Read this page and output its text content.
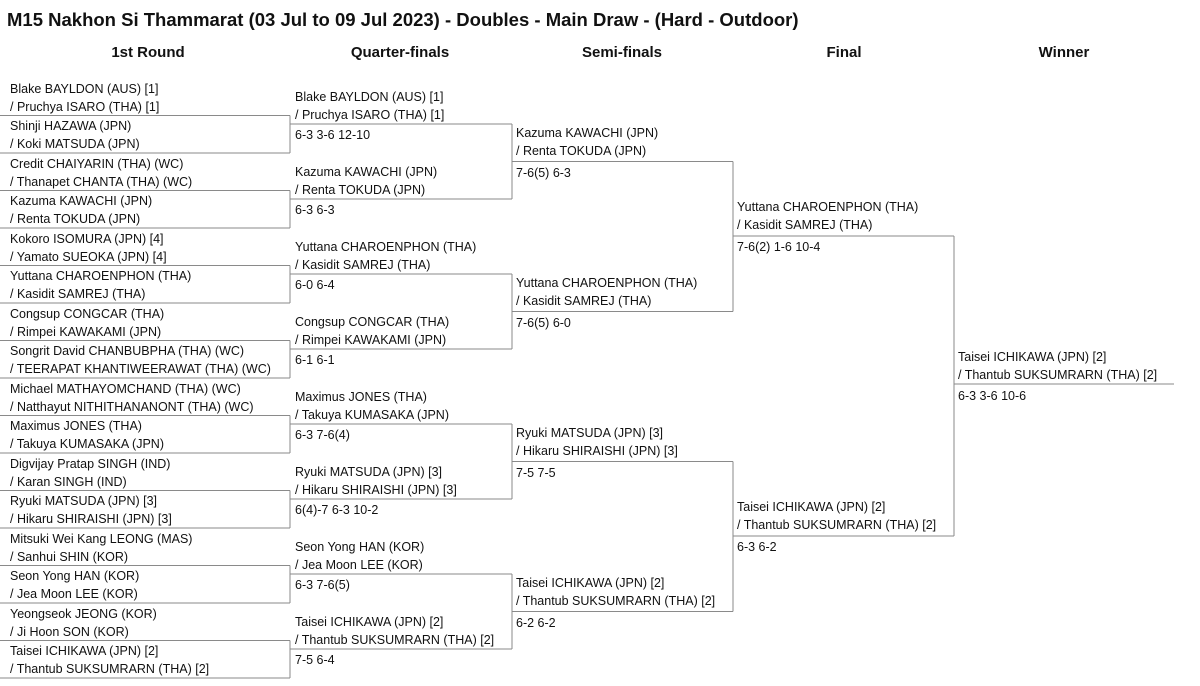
M15 Nakhon Si Thammarat (03 Jul to 09 Jul 2023) - Doubles - Main Draw - (Hard - Outdoor)
1st Round	Quarter-finals	Semi-finals	Final	Winner
Blake BAYLDON (AUS) [1]
/ Pruchya ISARO (THA) [1]
Shinji HAZAWA (JPN)
/ Koki MATSUDA (JPN)
Credit CHAIYARIN (THA) (WC)
/ Thanapet CHANTA (THA) (WC)
Kazuma KAWACHI (JPN)
/ Renta TOKUDA (JPN)
Kokoro ISOMURA (JPN) [4]
/ Yamato SUEOKA (JPN) [4]
Yuttana CHAROENPHON (THA)
/ Kasidit SAMREJ (THA)
Congsup CONGCAR (THA)
/ Rimpei KAWAKAMI (JPN)
Songrit David CHANBUBPHA (THA) (WC)
/ TEERAPAT KHANTIWEERAWAT (THA) (WC)
Michael MATHAYOMCHAND (THA) (WC)
/ Natthayut NITHITHANANONT (THA) (WC)
Maximus JONES (THA)
/ Takuya KUMASAKA (JPN)
Digvijay Pratap SINGH (IND)
/ Karan SINGH (IND)
Ryuki MATSUDA (JPN) [3]
/ Hikaru SHIRAISHI (JPN) [3]
Mitsuki Wei Kang LEONG (MAS)
/ Sanhui SHIN (KOR)
Seon Yong HAN (KOR)
/ Jea Moon LEE (KOR)
Yeongseok JEONG (KOR)
/ Ji Hoon SON (KOR)
Taisei ICHIKAWA (JPN) [2]
/ Thantub SUKSUMRARN (THA) [2]
Blake BAYLDON (AUS) [1]
/ Pruchya ISARO (THA) [1]
6-3 3-6 12-10
Kazuma KAWACHI (JPN)
/ Renta TOKUDA (JPN)
6-3 6-3
Yuttana CHAROENPHON (THA)
/ Kasidit SAMREJ (THA)
6-0 6-4
Congsup CONGCAR (THA)
/ Rimpei KAWAKAMI (JPN)
6-1 6-1
Maximus JONES (THA)
/ Takuya KUMASAKA (JPN)
6-3 7-6(4)
Ryuki MATSUDA (JPN) [3]
/ Hikaru SHIRAISHI (JPN) [3]
6(4)-7 6-3 10-2
Seon Yong HAN (KOR)
/ Jea Moon LEE (KOR)
6-3 7-6(5)
Taisei ICHIKAWA (JPN) [2]
/ Thantub SUKSUMRARN (THA) [2]
7-5 6-4
Kazuma KAWACHI (JPN)
/ Renta TOKUDA (JPN)
7-6(5) 6-3
Yuttana CHAROENPHON (THA)
/ Kasidit SAMREJ (THA)
7-6(5) 6-0
Ryuki MATSUDA (JPN) [3]
/ Hikaru SHIRAISHI (JPN) [3]
7-5 7-5
Taisei ICHIKAWA (JPN) [2]
/ Thantub SUKSUMRARN (THA) [2]
6-2 6-2
Yuttana CHAROENPHON (THA)
/ Kasidit SAMREJ (THA)
7-6(2) 1-6 10-4
Taisei ICHIKAWA (JPN) [2]
/ Thantub SUKSUMRARN (THA) [2]
6-3 6-2
Taisei ICHIKAWA (JPN) [2]
/ Thantub SUKSUMRARN (THA) [2]
6-3 3-6 10-6
